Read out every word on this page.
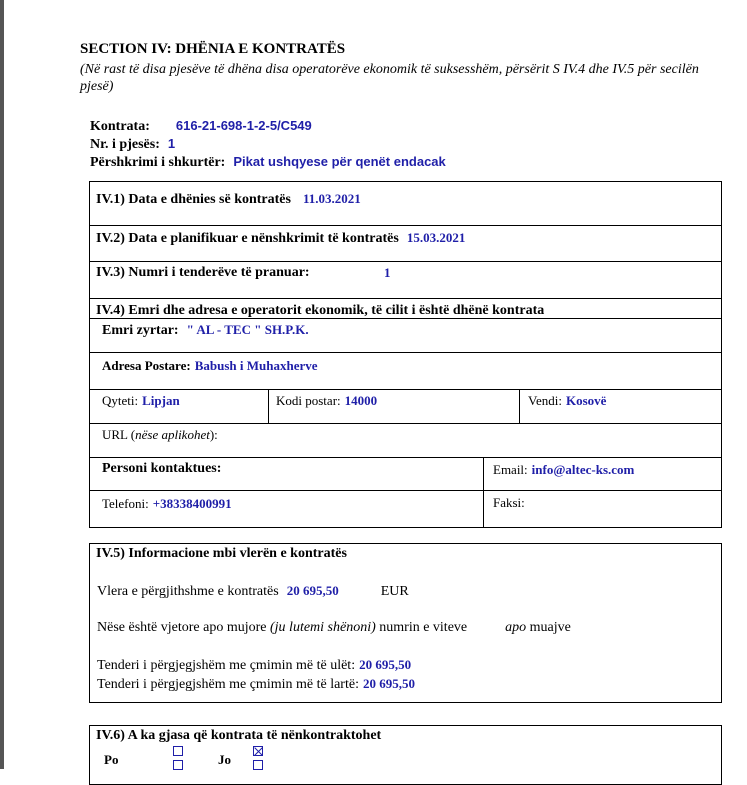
SECTION IV: DHËNIA E KONTRATËS
(Në rast të disa pjesëve të dhëna disa operatorëve ekonomik të suksesshëm, përsërit S IV.4 dhe IV.5 për secilën pjesë)
Kontrata: 616-21-698-1-2-5/C549
Nr. i pjesës: 1
Përshkrimi i shkurtër: Pikat ushqyese për qenët endacak
IV.1) Data e dhënies së kontratës 11.03.2021
IV.2) Data e planifikuar e nënshkrimit të kontratës 15.03.2021
IV.3) Numri i tenderëve të pranuar:	1
IV.4) Emri dhe adresa e operatorit ekonomik, të cilit i është dhënë kontrata
Emri zyrtar: " AL - TEC " SH.P.K.
Adresa Postare: Babush i Muhaxherve
Qyteti: Lipjan	Kodi postar: 14000	Vendi: Kosovë
URL (nëse aplikohet):
Personi kontaktues:	Email: info@altec-ks.com
Telefoni: +38338400991	Faksi:
IV.5) Informacione mbi vlerën e kontratës
Vlera e përgjithshme e kontratës 20 695,50	EUR
Nëse është vjetore apo mujore (ju lutemi shënoni) numrin e viteve	apo muajve
Tenderi i përgjegjshëm me çmimin më të ulët: 20 695,50
Tenderi i përgjegjshëm me çmimin më të lartë: 20 695,50
IV.6) A ka gjasa që kontrata të nënkontraktohet
Po	Jo
